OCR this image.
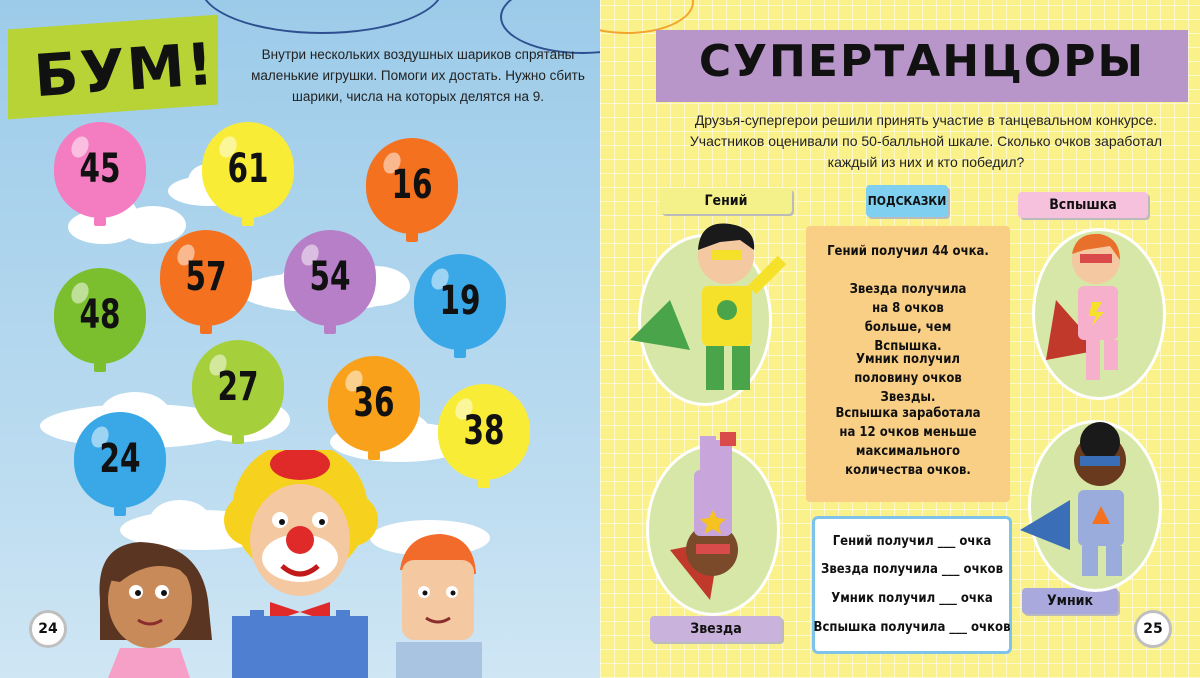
БУМ!	Внутри нескольких воздушных шариков спрятаны маленькие игрушки. Помоги их достать. Нужно сбить шарики, числа на которых делятся на 9.
45	61	16
57	54
19
48
27	36
38
24
24
СУПЕРТАНЦОРЫ
Друзья-супергерои решили принять участие в танцевальном конкурсе. Участников оценивали по 50-балльной шкале. Сколько очков заработал каждый из них и кто победил?
Гений	ПОДСКАЗКИ	Вспышка
Звезда
Умник
Гений получил 44 очка.
Звезда получила на 8 очков больше, чем Вспышка.
Умник получил половину очков Звезды.
Вспышка заработала на 12 очков меньше максимального количества очков.
Гений получил ___ очка
Звезда получила ___ очков
Умник получил ___ очка
Вспышка получила ___ очков	25
